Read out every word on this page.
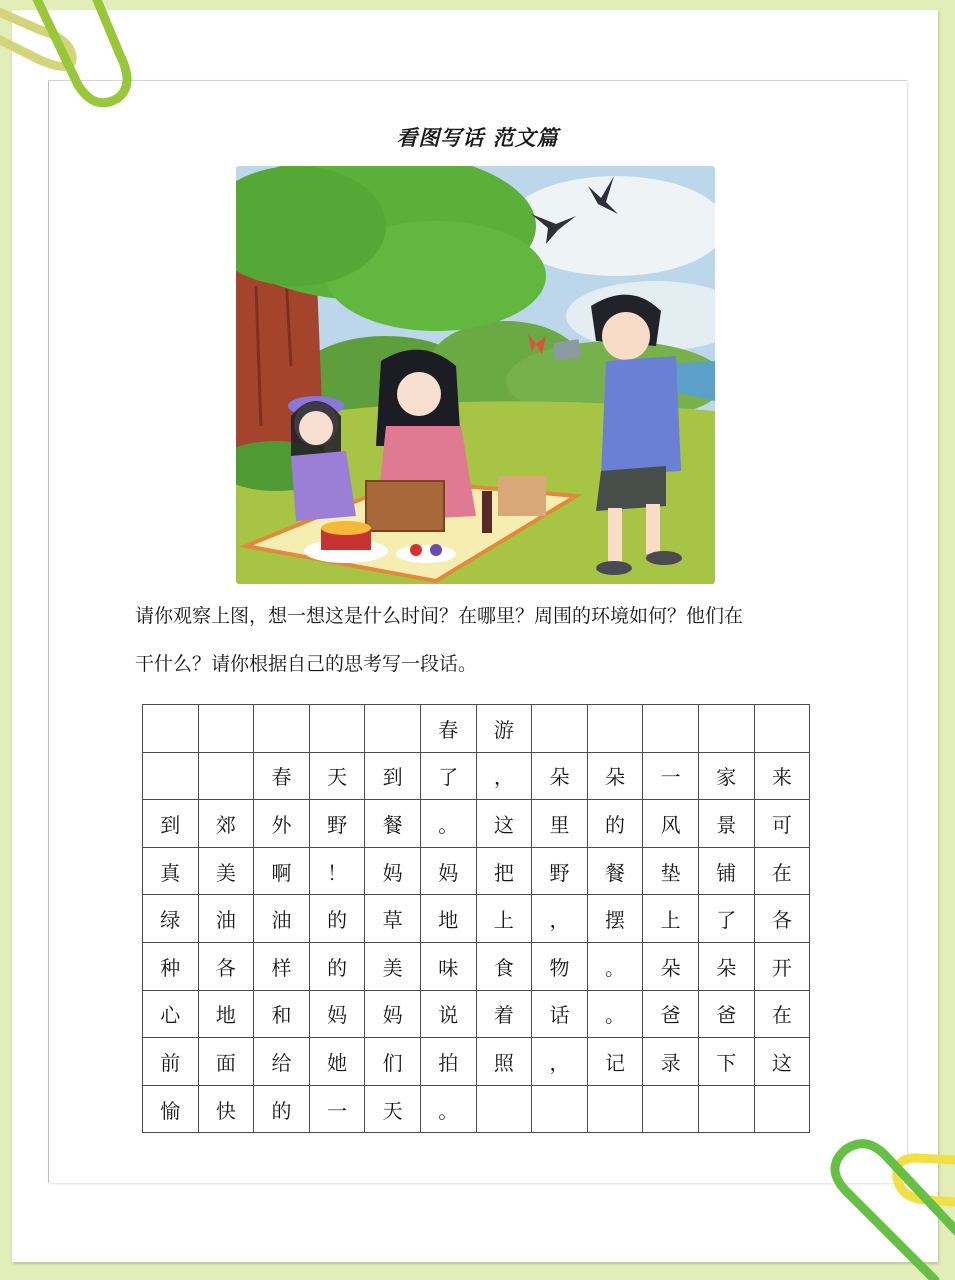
看图写话 范文篇
请你观察上图，想一想这是什么时间？在哪里？周围的环境如何？他们在
干什么？请你根据自己的思考写一段话。
					春	游					
		春	天	到	了	，	朵	朵	一	家	来
到	郊	外	野	餐	。	这	里	的	风	景	可
真	美	啊	！	妈	妈	把	野	餐	垫	铺	在
绿	油	油	的	草	地	上	，	摆	上	了	各
种	各	样	的	美	味	食	物	。	朵	朵	开
心	地	和	妈	妈	说	着	话	。	爸	爸	在
前	面	给	她	们	拍	照	，	记	录	下	这
愉	快	的	一	天	。						
